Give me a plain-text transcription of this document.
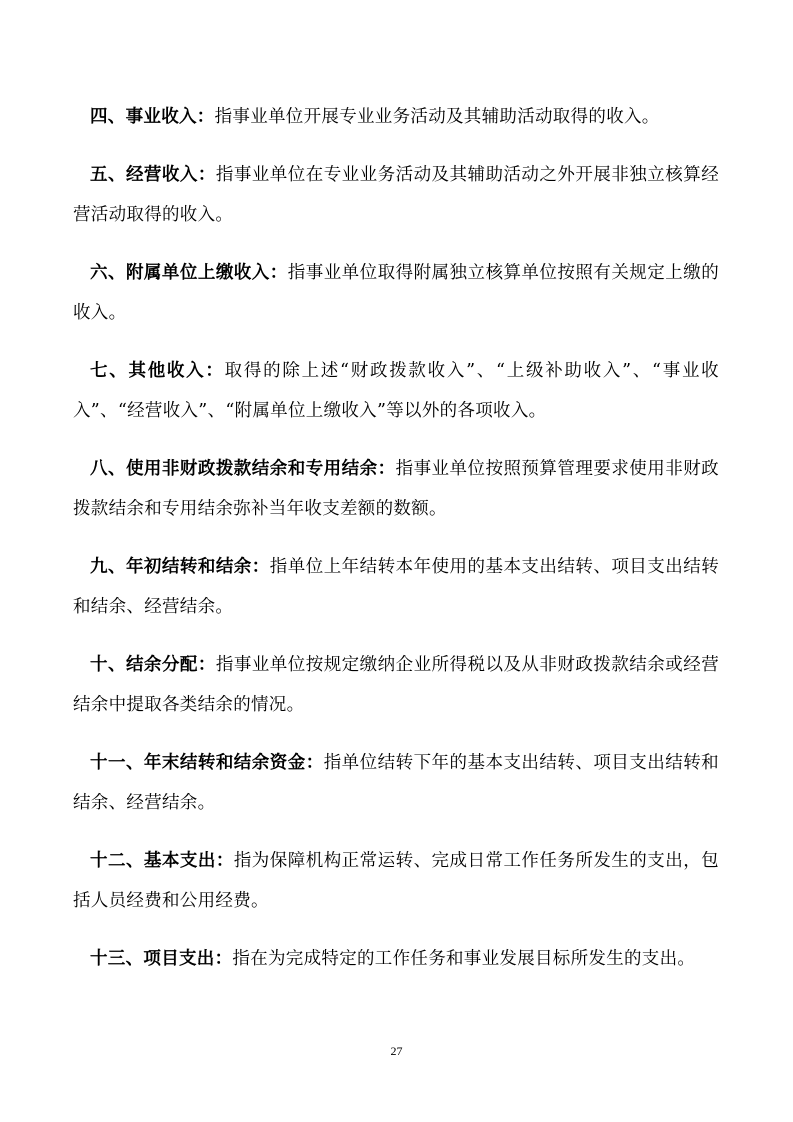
四、事业收入：指事业单位开展专业业务活动及其辅助活动取得的收入。

五、经营收入：指事业单位在专业业务活动及其辅助活动之外开展非独立核算经营活动取得的收入。

六、附属单位上缴收入：指事业单位取得附属独立核算单位按照有关规定上缴的收入。

七、其他收入：取得的除上述“财政拨款收入”、“上级补助收入”、“事业收入”、“经营收入”、“附属单位上缴收入”等以外的各项收入。

八、使用非财政拨款结余和专用结余：指事业单位按照预算管理要求使用非财政拨款结余和专用结余弥补当年收支差额的数额。

九、年初结转和结余：指单位上年结转本年使用的基本支出结转、项目支出结转和结余、经营结余。

十、结余分配：指事业单位按规定缴纳企业所得税以及从非财政拨款结余或经营结余中提取各类结余的情况。

十一、年末结转和结余资金：指单位结转下年的基本支出结转、项目支出结转和结余、经营结余。

十二、基本支出：指为保障机构正常运转、完成日常工作任务所发生的支出，包括人员经费和公用经费。

十三、项目支出：指在为完成特定的工作任务和事业发展目标所发生的支出。

27
